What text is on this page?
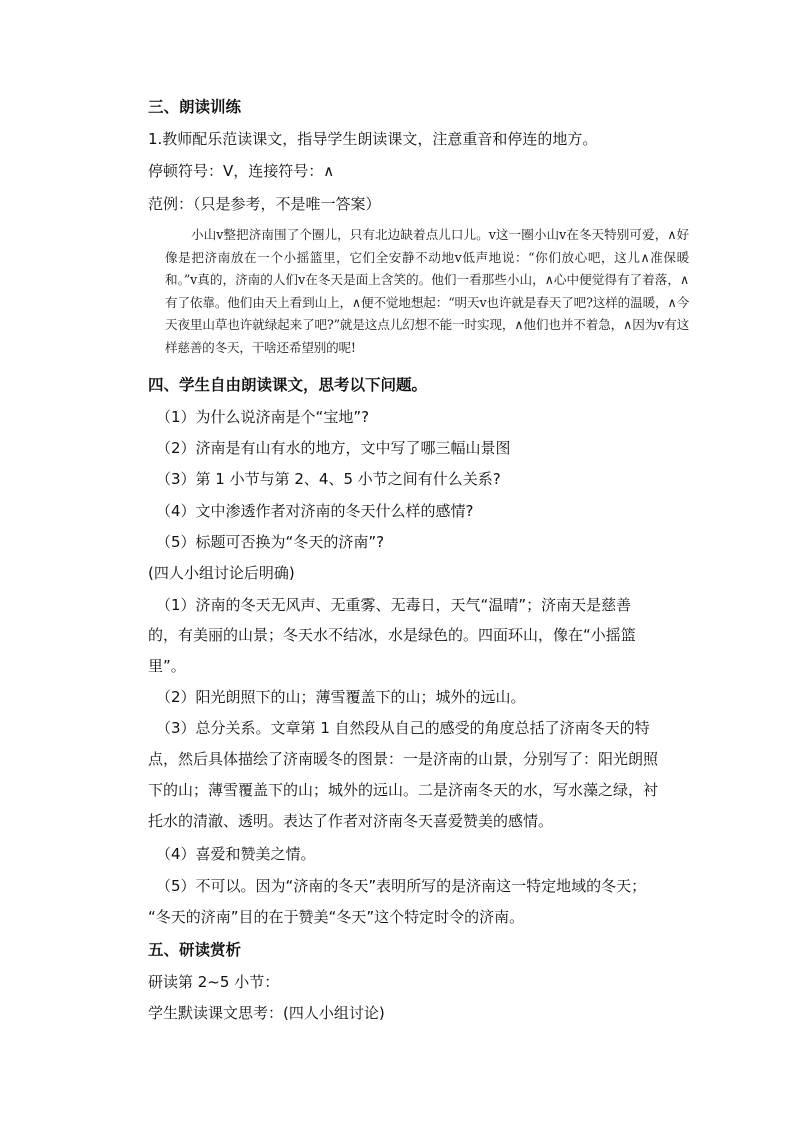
三、朗读训练
1.教师配乐范读课文，指导学生朗读课文，注意重音和停连的地方。
停顿符号：V，连接符号：∧
范例：（只是参考，不是唯一答案）
小山v整把济南围了个圈儿，只有北边缺着点儿口儿。v这一圈小山v在冬天特别可爱，∧好像是把济南放在一个小摇篮里，它们全安静不动地v低声地说：“你们放心吧，这儿∧准保暖和。”v真的，济南的人们v在冬天是面上含笑的。他们一看那些小山，∧心中便觉得有了着落，∧有了依靠。他们由天上看到山上，∧便不觉地想起：“明天v也许就是春天了吧?这样的温暖，∧今天夜里山草也许就绿起来了吧?”就是这点儿幻想不能一时实现，∧他们也并不着急，∧因为v有这样慈善的冬天，干啥还希望别的呢!
四、学生自由朗读课文，思考以下问题。
（1）为什么说济南是个“宝地”?
（2）济南是有山有水的地方，文中写了哪三幅山景图
（3）第 1 小节与第 2、4、5 小节之间有什么关系?
（4）文中渗透作者对济南的冬天什么样的感情?
（5）标题可否换为“冬天的济南”?
(四人小组讨论后明确)
（1）济南的冬天无风声、无重雾、无毒日，天气“温晴”；济南天是慈善
的，有美丽的山景；冬天水不结冰，水是绿色的。四面环山，像在“小摇篮
里”。
（2）阳光朗照下的山；薄雪覆盖下的山；城外的远山。
（3）总分关系。文章第 1 自然段从自己的感受的角度总括了济南冬天的特
点，然后具体描绘了济南暖冬的图景：一是济南的山景，分别写了：阳光朗照
下的山；薄雪覆盖下的山；城外的远山。二是济南冬天的水，写水藻之绿，衬
托水的清澈、透明。表达了作者对济南冬天喜爱赞美的感情。
（4）喜爱和赞美之情。
（5）不可以。因为“济南的冬天”表明所写的是济南这一特定地域的冬天；
“冬天的济南”目的在于赞美“冬天”这个特定时令的济南。
五、研读赏析
研读第 2~5 小节：
学生默读课文思考：(四人小组讨论)
